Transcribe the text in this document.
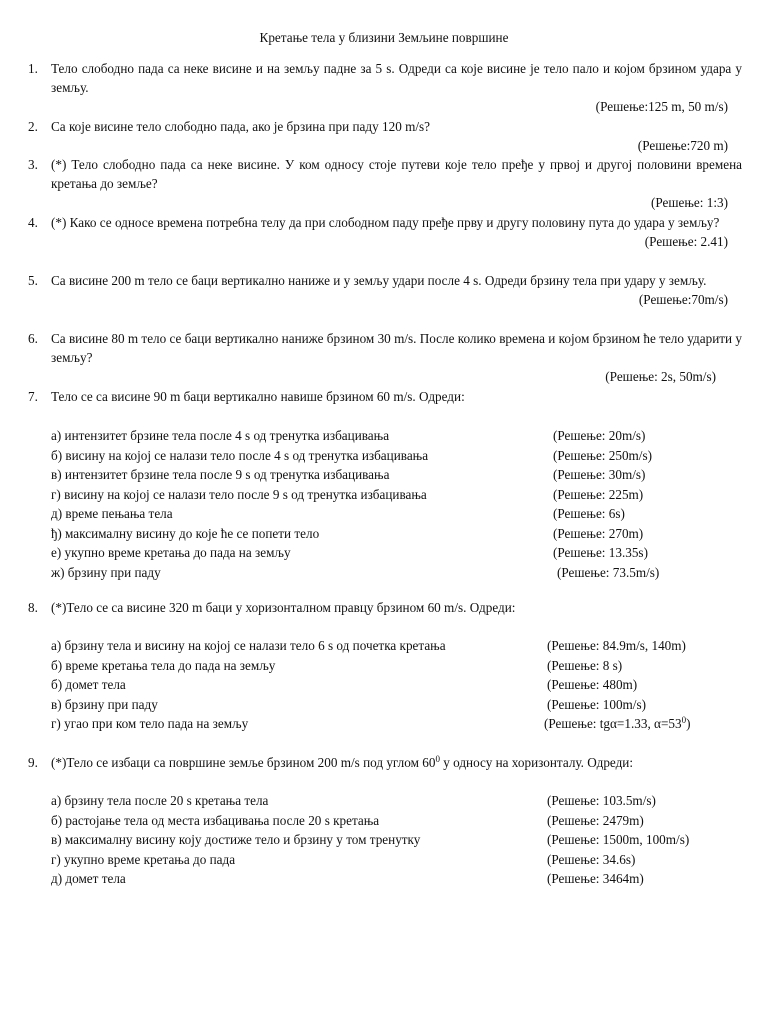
Кретање тела у близини Земљине површине
1. Тело слободно пада са неке висине и на земљу падне за 5 s. Одреди са које висине је тело пало и којом брзином удара у земљу.
(Решење:125 m, 50 m/s)
2. Са које висине тело слободно пада, ако је брзина при паду 120 m/s?
(Решење:720 m)
3. (*) Тело слободно пада са неке висине. У ком односу стоје путеви које тело пређе у првој и другој половини времена кретања до земље?
(Решење: 1:3)
4. (*) Како се односе времена потребна телу да при слободном паду пређе прву и другу половину пута до удара у земљу?
(Решење: 2.41)
5. Са висине 200 m тело се баци вертикално наниже и у земљу удари после 4 s. Одреди брзину тела при удару у земљу.
(Решење:70m/s)
6. Са висине 80 m тело се баци вертикално наниже брзином 30 m/s. После колико времена и којом брзином ће тело ударити у земљу?
(Решење: 2s, 50m/s)
7. Тело се са висине 90 m баци вертикално навише брзином 60 m/s. Одреди:
а) интензитет брзине тела после 4 s од тренутка избацивања	(Решење: 20m/s)
б) висину на којој се налази тело после 4 s од тренутка избацивања	(Решење: 250m/s)
в) интензитет брзине тела после 9 s од тренутка избацивања	(Решење: 30m/s)
г) висину на којој се налази тело после 9 s од тренутка избацивања	(Решење: 225m)
д) време пењања тела	(Решење: 6s)
ђ) максималну висину до које ће се попети тело	(Решење: 270m)
е) укупно време кретања до пада на земљу	(Решење: 13.35s)
ж) брзину при паду	(Решење: 73.5m/s)
8. (*)Тело се са висине 320 m баци у хоризонталном правцу брзином 60 m/s. Одреди:
а) брзину тела и висину на којој се налази тело 6 s од почетка кретања	(Решење: 84.9m/s, 140m)
б) време кретања тела до пада на земљу	(Решење: 8 s)
б) домет тела	(Решење: 480m)
в) брзину при паду	(Решење: 100m/s)
г) угао при ком тело пада на земљу	(Решење: tgα=1.33, $\alpha=53^0$)
9. (*)Тело се избаци са површине земље брзином 200 m/s под углом $60^0$ у односу на хоризонталу. Одреди:
а) брзину тела после 20 s кретања тела	(Решење: 103.5m/s)
б) растојање тела од места избацивања после 20 s кретања	(Решење: 2479m)
в) максималну висину коју достиже тело и брзину у том тренутку	(Решење: 1500m, 100m/s)
г) укупно време кретања до пада	(Решење: 34.6s)
д) домет тела	(Решење: 3464m)
